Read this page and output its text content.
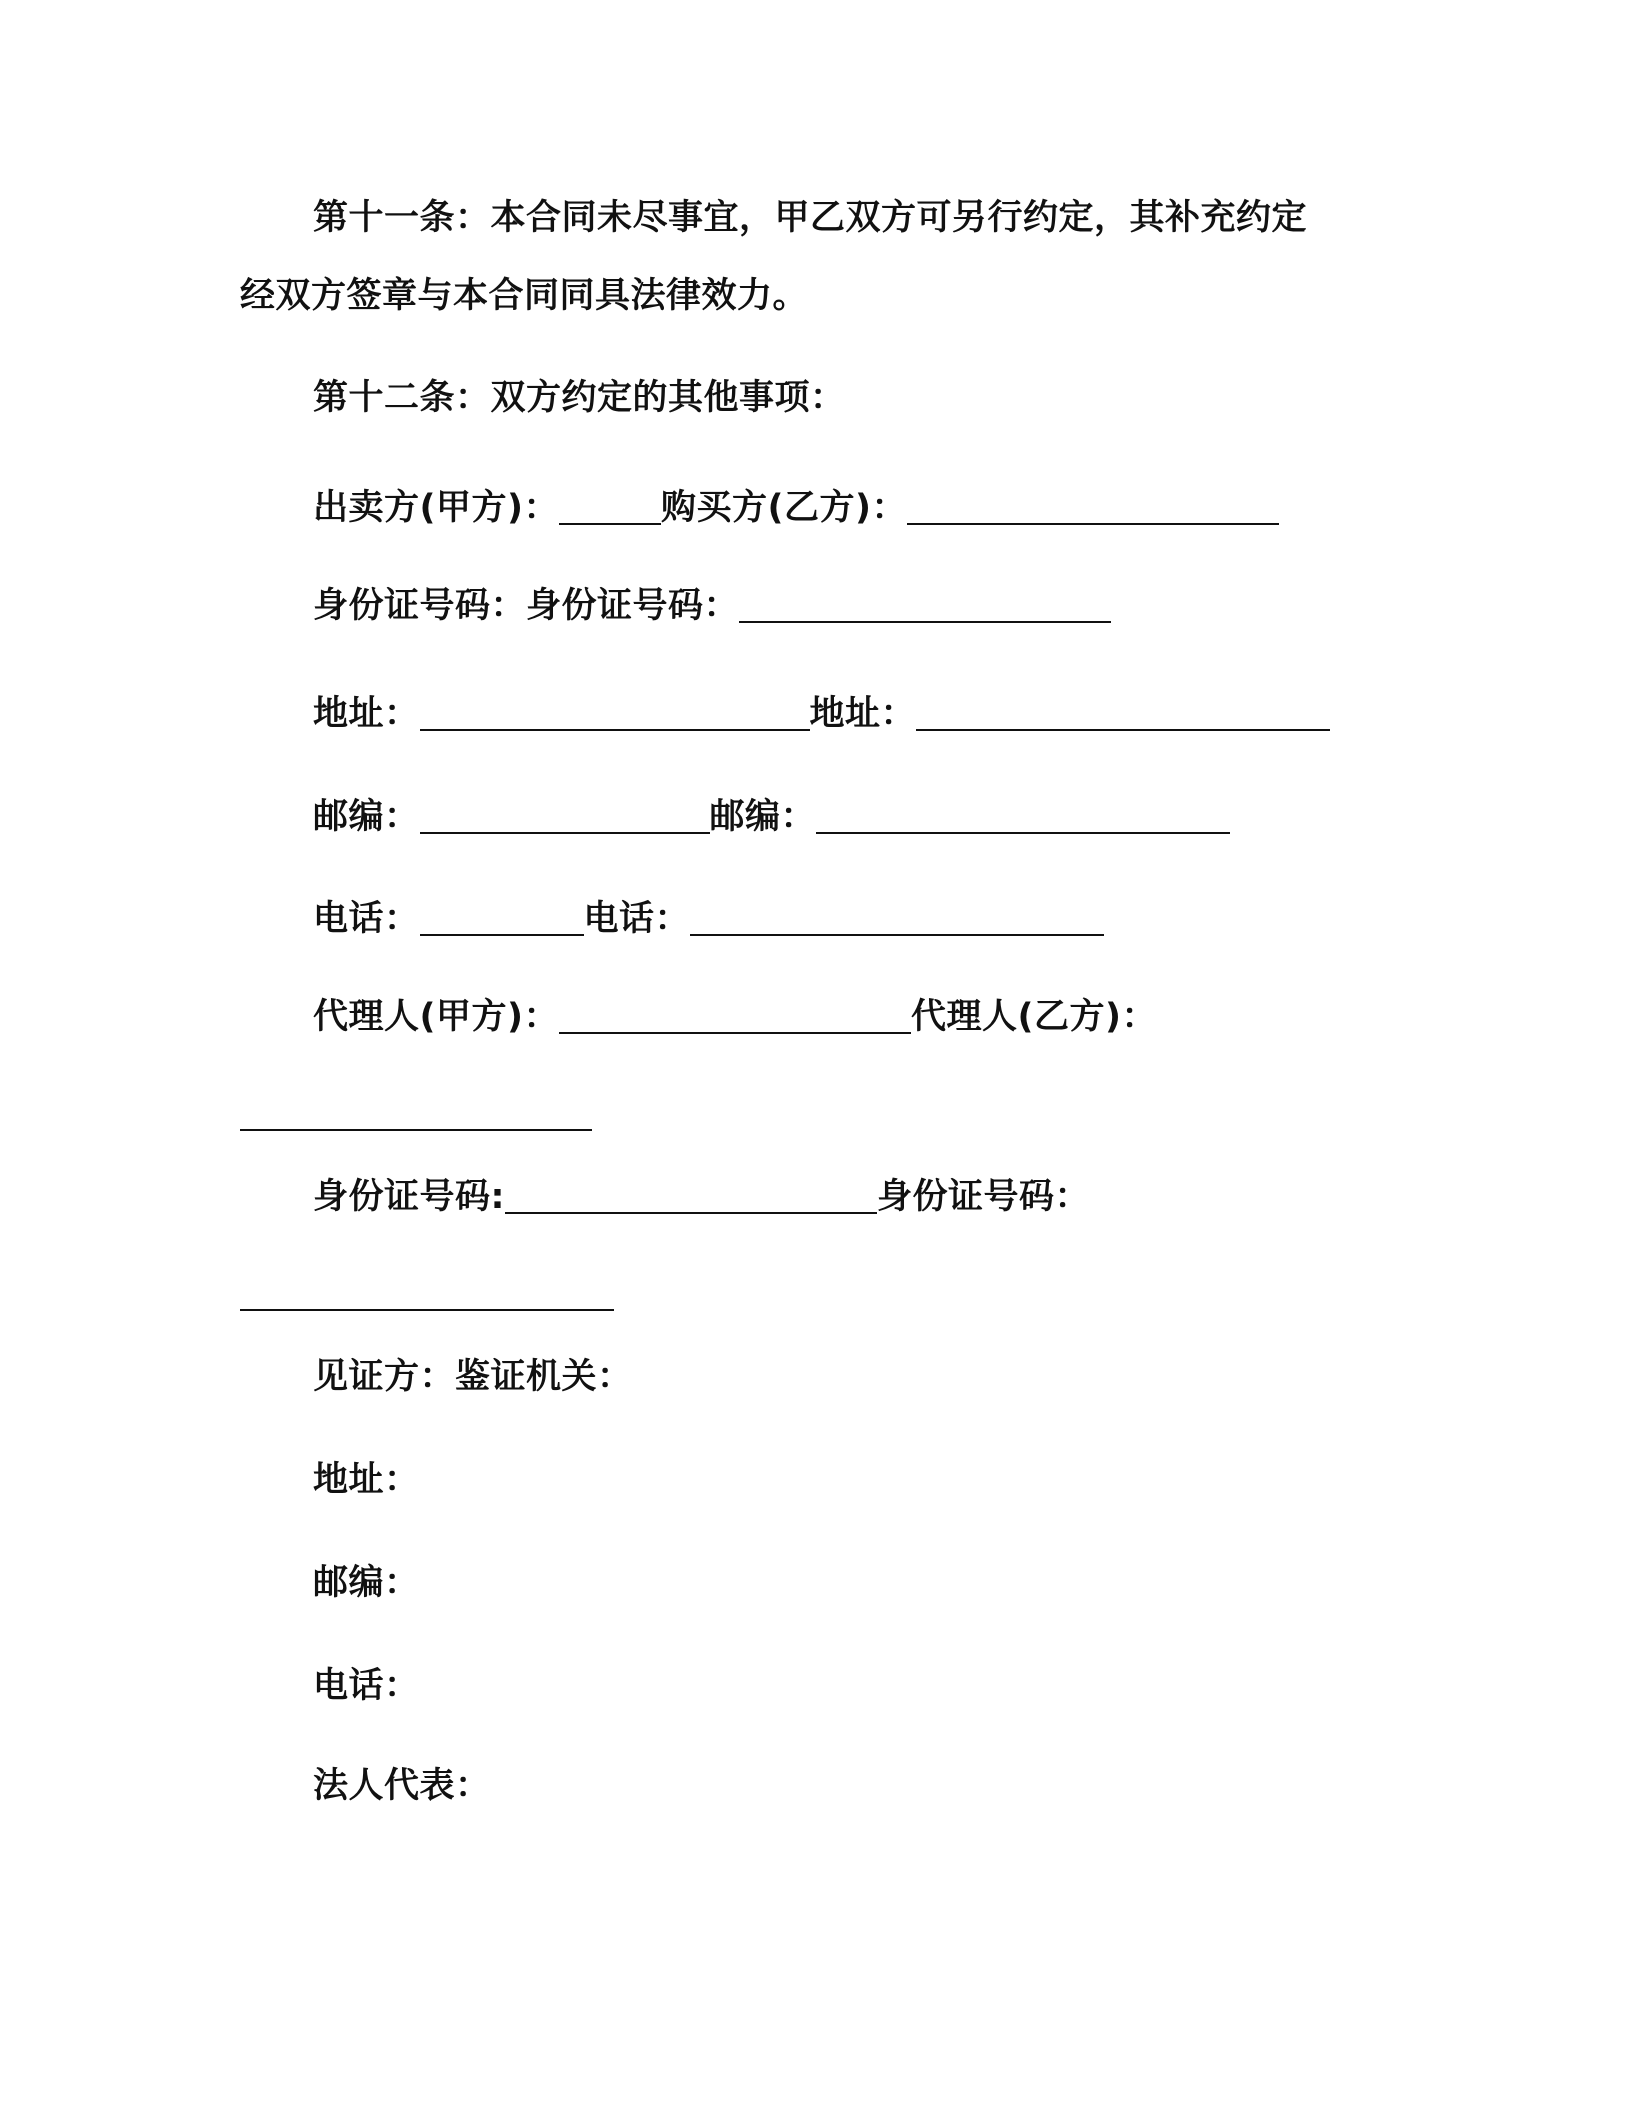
第十一条：本合同未尽事宜，甲乙双方可另行约定，其补充约定

经双方签章与本合同同具法律效力。

第十二条：双方约定的其他事项：

出卖方(甲方)：	购买方(乙方)：

身份证号码：身份证号码：

地址：	地址：

邮编：	邮编：

电话：	电话：

代理人(甲方)：	代理人(乙方)：

身份证号码:	身份证号码：

见证方：鉴证机关：

地址：

邮编：

电话：

法人代表：
